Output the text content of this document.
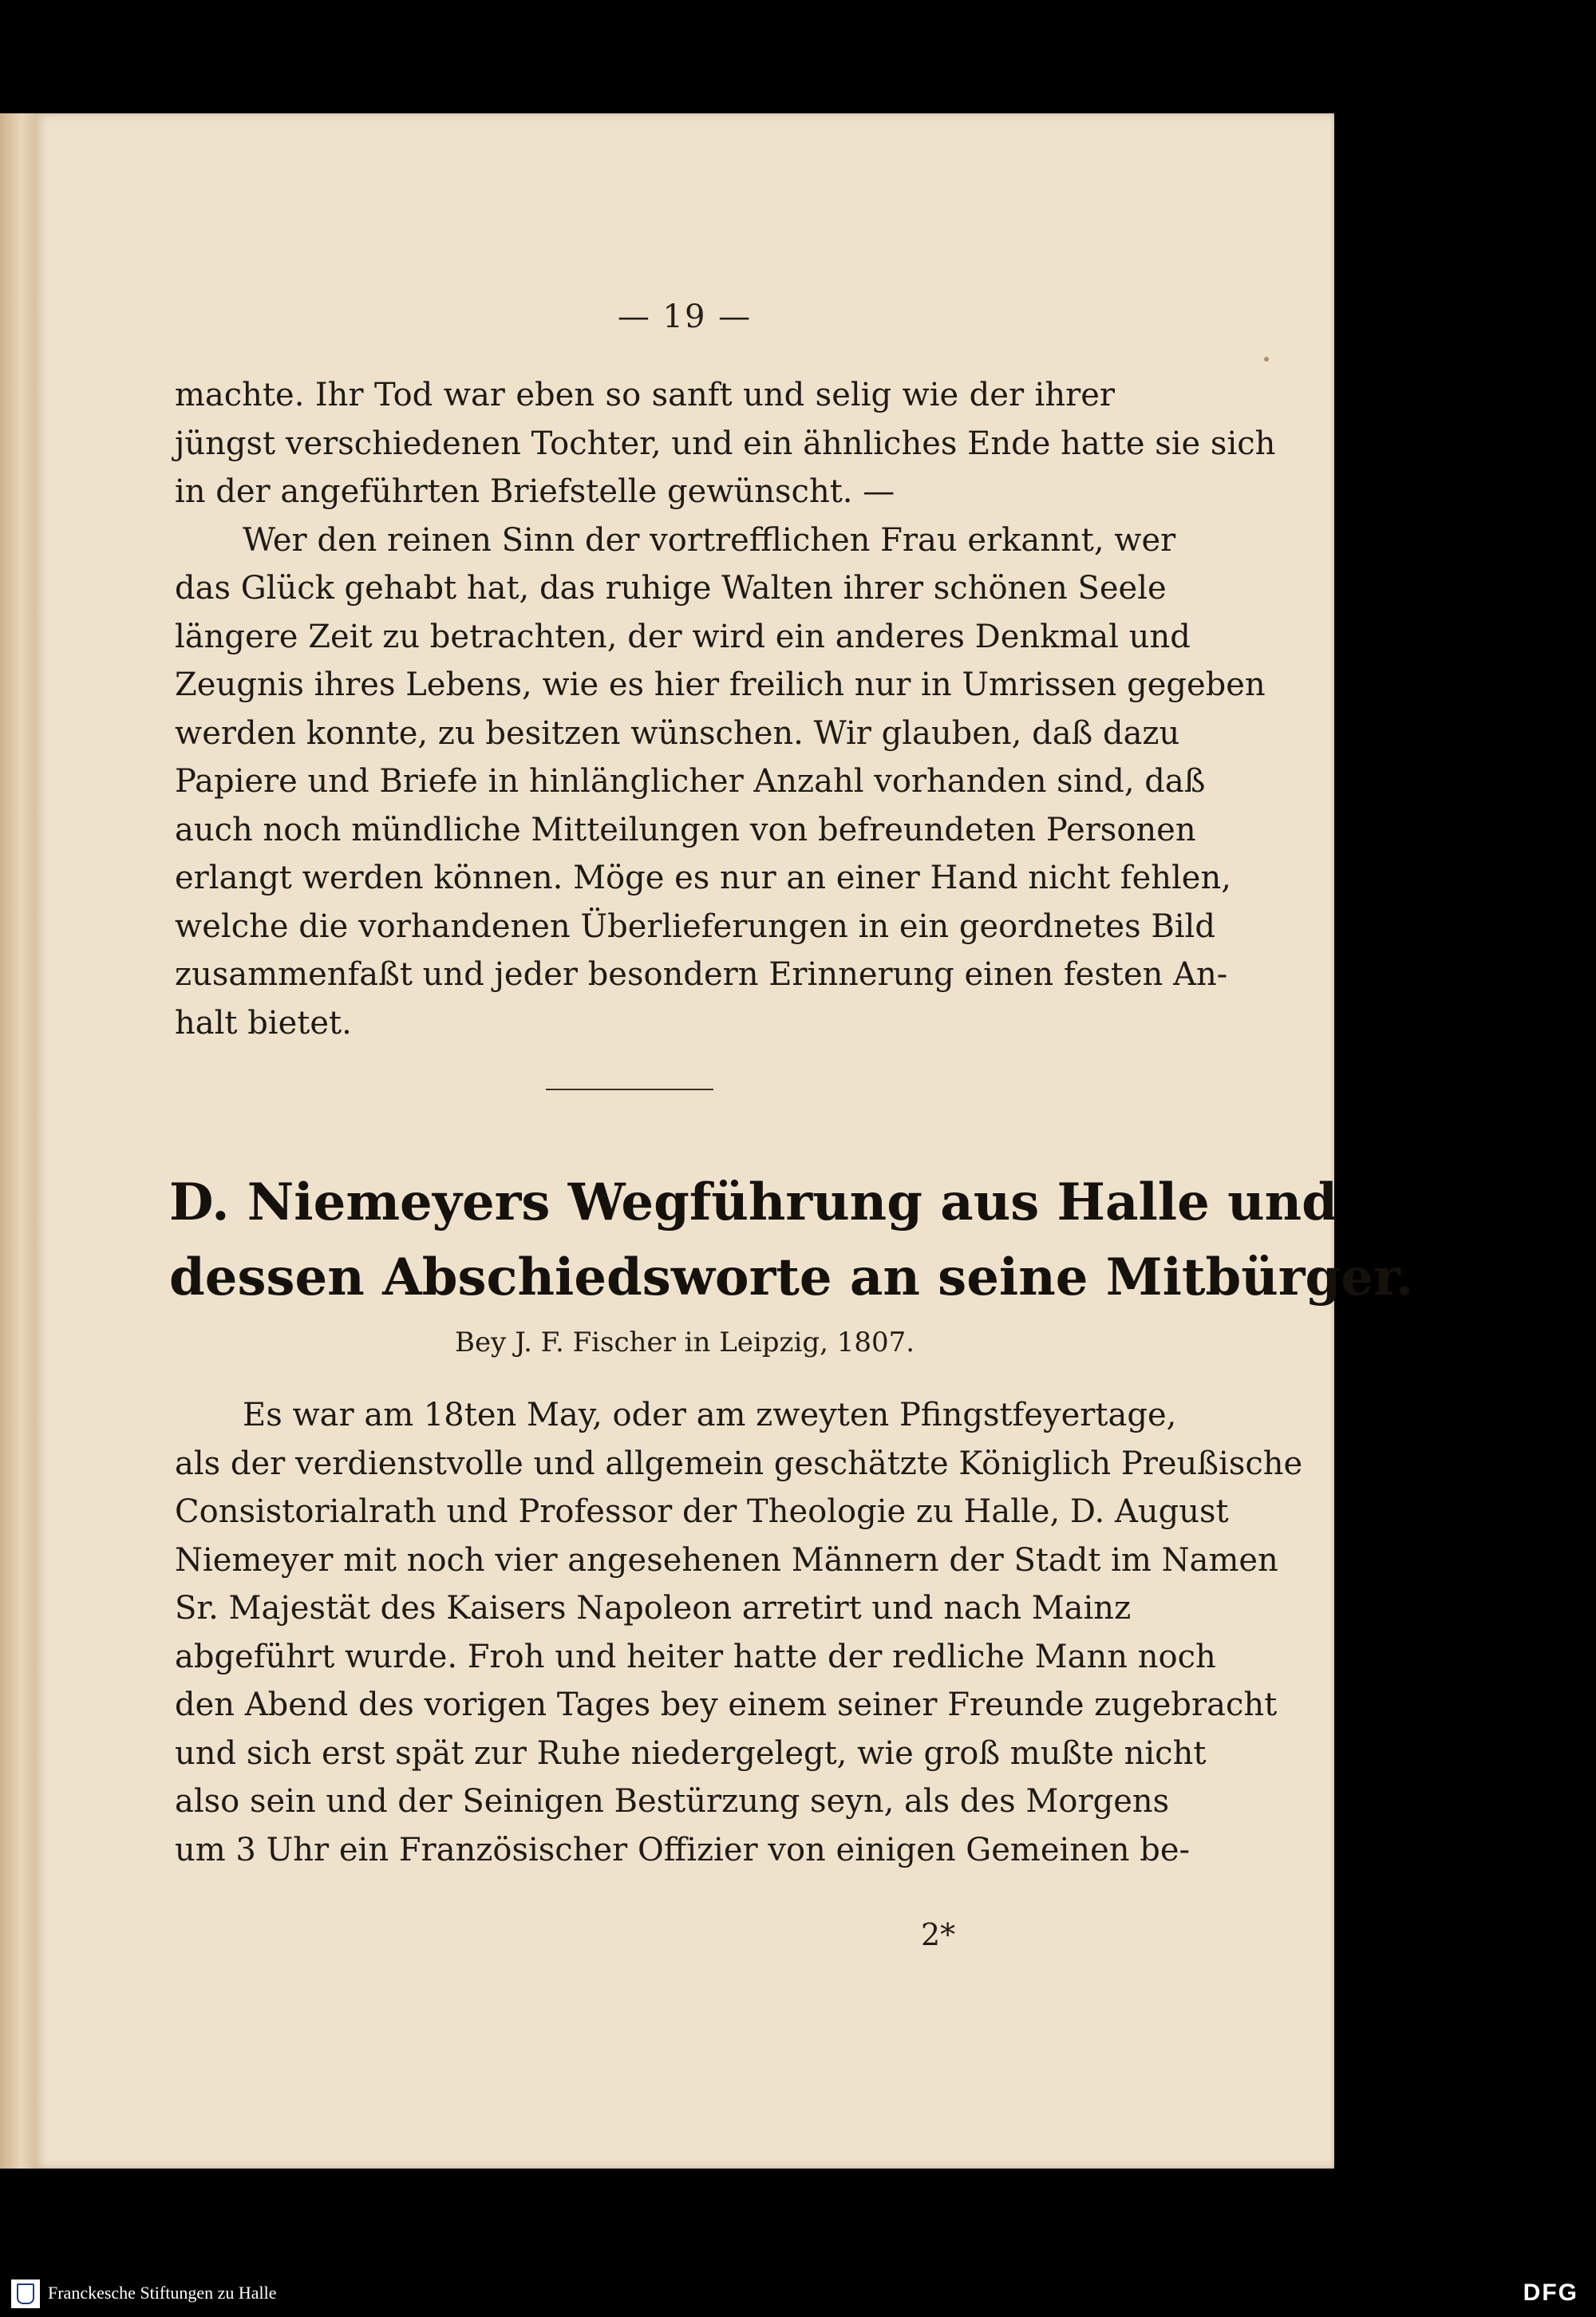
— 19 —
machte. Ihr Tod war eben so sanft und selig wie der ihrer
jüngst verschiedenen Tochter, und ein ähnliches Ende hatte sie sich
in der angeführten Briefstelle gewünscht. —
Wer den reinen Sinn der vortrefflichen Frau erkannt, wer
das Glück gehabt hat, das ruhige Walten ihrer schönen Seele
längere Zeit zu betrachten, der wird ein anderes Denkmal und
Zeugnis ihres Lebens, wie es hier freilich nur in Umrissen gegeben
werden konnte, zu besitzen wünschen. Wir glauben, daß dazu
Papiere und Briefe in hinlänglicher Anzahl vorhanden sind, daß
auch noch mündliche Mitteilungen von befreundeten Personen
erlangt werden können. Möge es nur an einer Hand nicht fehlen,
welche die vorhandenen Überlieferungen in ein geordnetes Bild
zusammenfaßt und jeder besondern Erinnerung einen festen An-
halt bietet.
D. Niemeyers Wegführung aus Halle und
dessen Abschiedsworte an seine Mitbürger.
Bey J. F. Fischer in Leipzig, 1807.
Es war am 18ten May, oder am zweyten Pfingstfeyertage,
als der verdienstvolle und allgemein geschätzte Königlich Preußische
Consistorialrath und Professor der Theologie zu Halle, D. August
Niemeyer mit noch vier angesehenen Männern der Stadt im Namen
Sr. Majestät des Kaisers Napoleon arretirt und nach Mainz
abgeführt wurde. Froh und heiter hatte der redliche Mann noch
den Abend des vorigen Tages bey einem seiner Freunde zugebracht
und sich erst spät zur Ruhe niedergelegt, wie groß mußte nicht
also sein und der Seinigen Bestürzung seyn, als des Morgens
um 3 Uhr ein Französischer Offizier von einigen Gemeinen be-
2*
Franckesche Stiftungen zu Halle	DFG
